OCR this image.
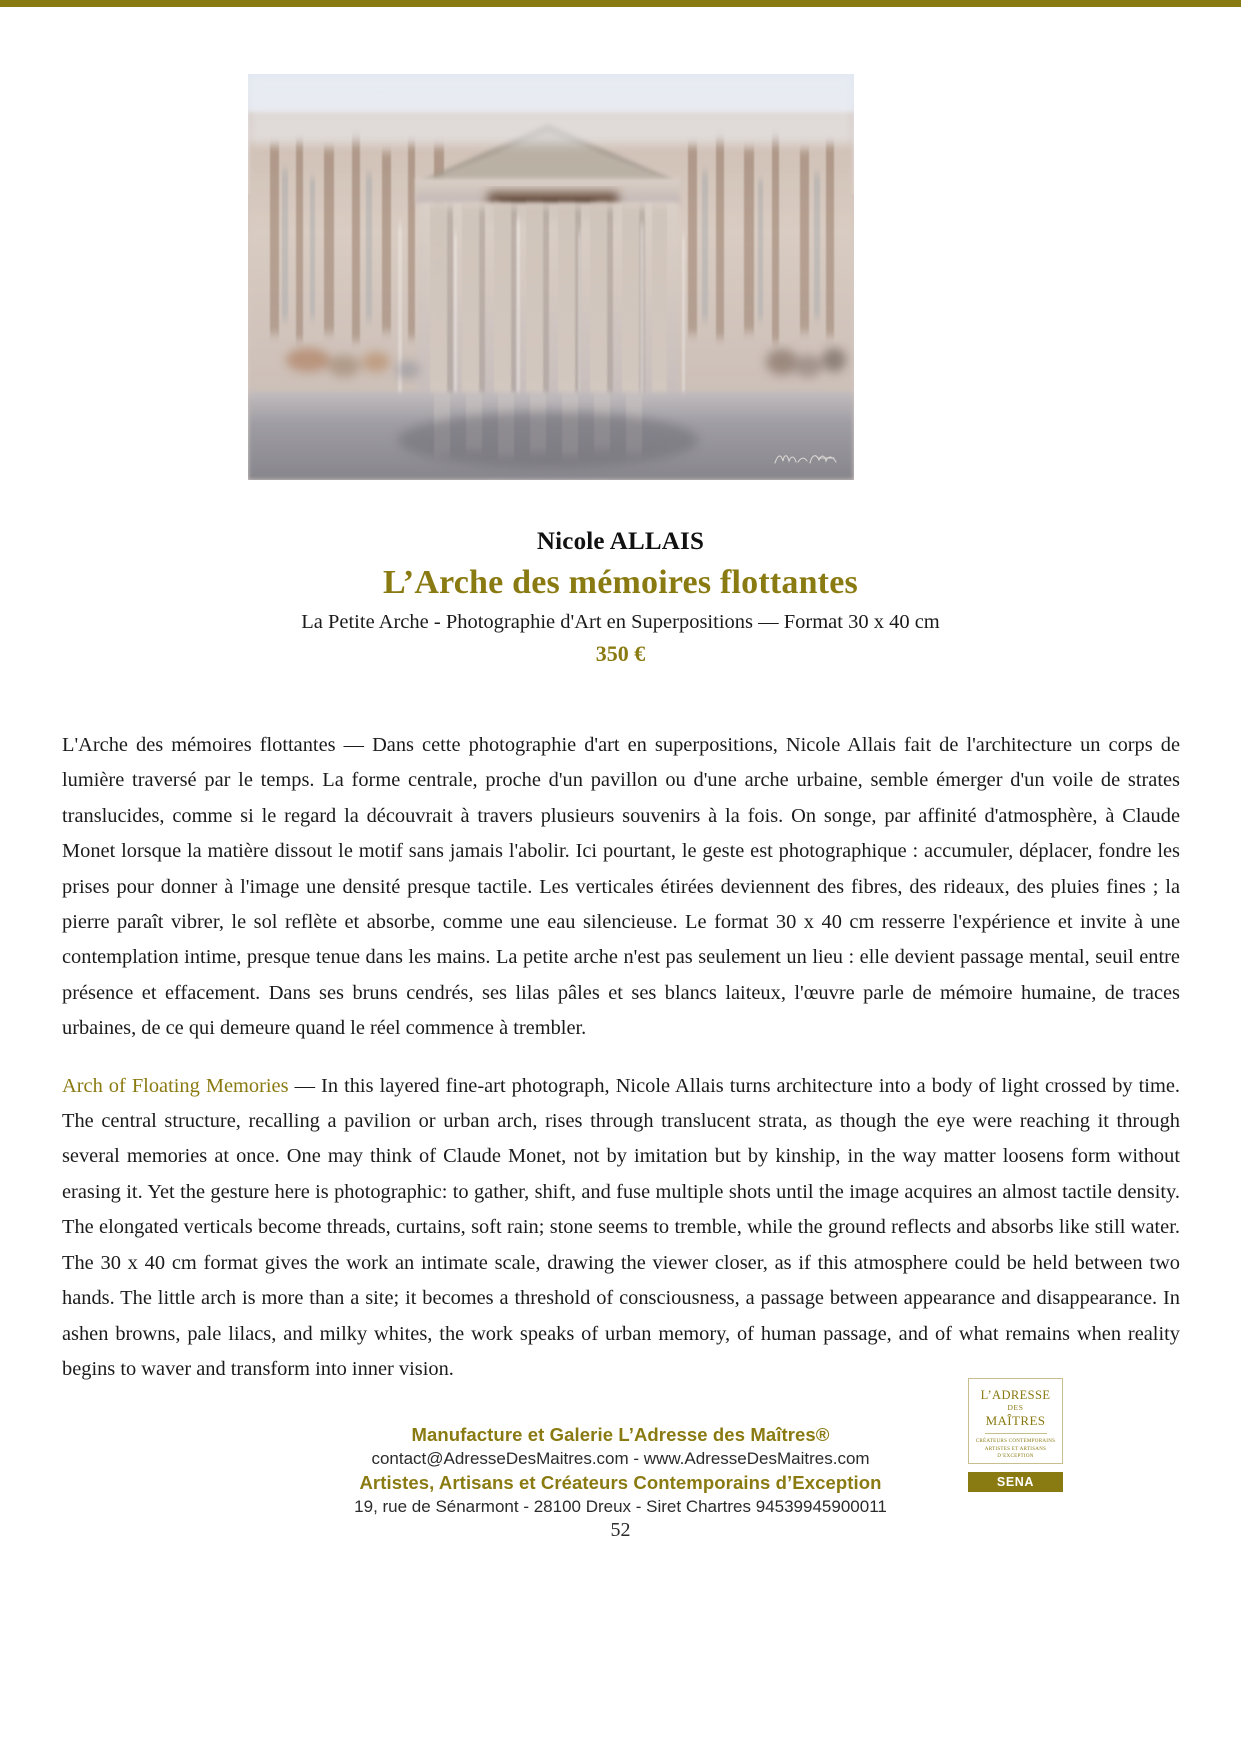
Nicole ALLAIS

L’Arche des mémoires flottantes

La Petite Arche - Photographie d'Art en Superpositions — Format 30 x 40 cm

350 €

L'Arche des mémoires flottantes — Dans cette photographie d'art en superpositions, Nicole Allais fait de l'architecture un corps de lumière traversé par le temps. La forme centrale, proche d'un pavillon ou d'une arche urbaine, semble émerger d'un voile de strates translucides, comme si le regard la découvrait à travers plusieurs souvenirs à la fois. On songe, par affinité d'atmosphère, à Claude Monet lorsque la matière dissout le motif sans jamais l'abolir. Ici pourtant, le geste est photographique : accumuler, déplacer, fondre les prises pour donner à l'image une densité presque tactile. Les verticales étirées deviennent des fibres, des rideaux, des pluies fines ; la pierre paraît vibrer, le sol reflète et absorbe, comme une eau silencieuse. Le format 30 x 40 cm resserre l'expérience et invite à une contemplation intime, presque tenue dans les mains. La petite arche n'est pas seulement un lieu : elle devient passage mental, seuil entre présence et effacement. Dans ses bruns cendrés, ses lilas pâles et ses blancs laiteux, l'œuvre parle de mémoire humaine, de traces urbaines, de ce qui demeure quand le réel commence à trembler.

Arch of Floating Memories — In this layered fine-art photograph, Nicole Allais turns architecture into a body of light crossed by time. The central structure, recalling a pavilion or urban arch, rises through translucent strata, as though the eye were reaching it through several memories at once. One may think of Claude Monet, not by imitation but by kinship, in the way matter loosens form without erasing it. Yet the gesture here is photographic: to gather, shift, and fuse multiple shots until the image acquires an almost tactile density. The elongated verticals become threads, curtains, soft rain; stone seems to tremble, while the ground reflects and absorbs like still water. The 30 x 40 cm format gives the work an intimate scale, drawing the viewer closer, as if this atmosphere could be held between two hands. The little arch is more than a site; it becomes a threshold of consciousness, a passage between appearance and disappearance. In ashen browns, pale lilacs, and milky whites, the work speaks of urban memory, of human passage, and of what remains when reality begins to waver and transform into inner vision.

Manufacture et Galerie L’Adresse des Maîtres®

contact@AdresseDesMaitres.com - www.AdresseDesMaitres.com

Artistes, Artisans et Créateurs Contemporains d’Exception

19, rue de Sénarmont - 28100 Dreux - Siret Chartres 94539945900011

52

L’ADRESSE
DES
MAÎTRES
CRÉATEURS CONTEMPORAINS
ARTISTES ET ARTISANS
D’EXCEPTION
SENA
